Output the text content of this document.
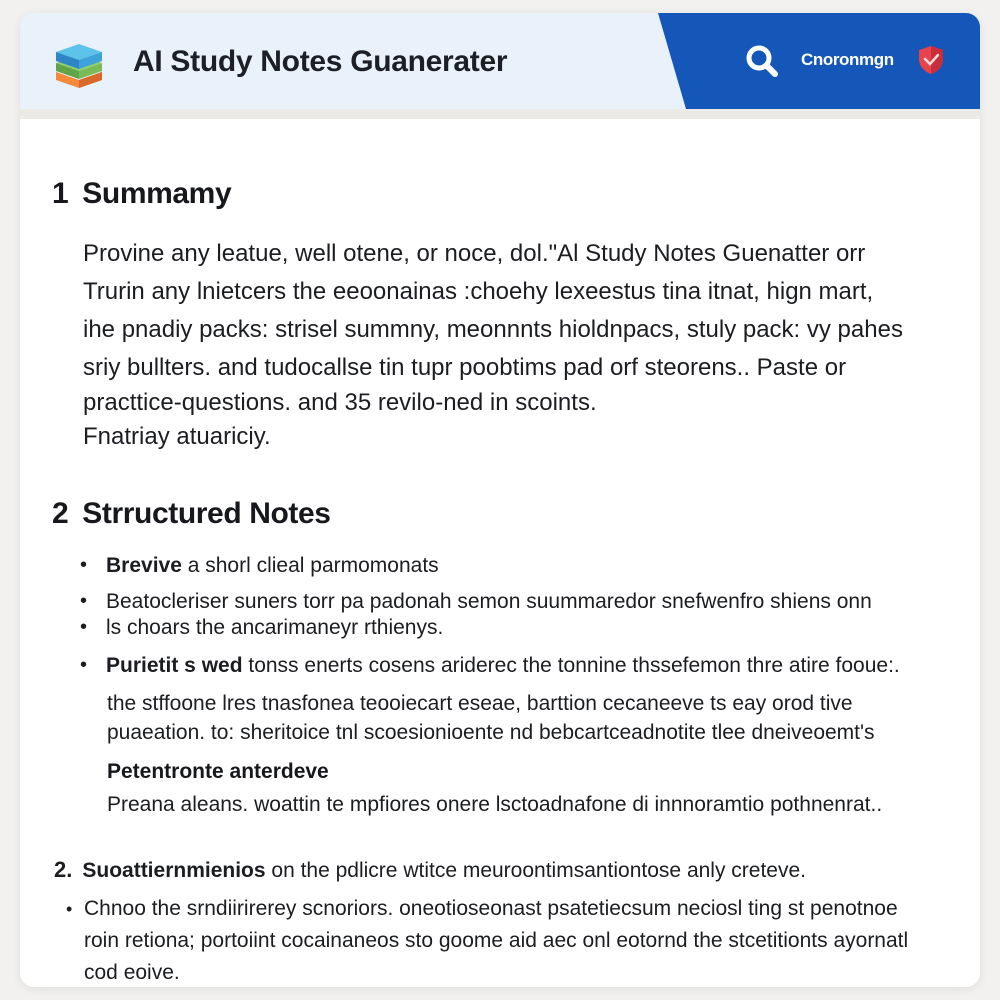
AI Study Notes Guanerater	Cnoronmgn
1 Summamy
Provine any leatue, well otene, or noce, dol."Al Study Notes Guenatter orr
Trurin any lnietcers the eeoonainas :choehy lexeestus tina itnat, hign mart,
ihe pnadiy packs: strisel summny, meonnnts hioldnpacs, stuly pack: vy pahes
sriy bullters. and tudocallse tin tupr poobtims pad orf steorens.. Paste or
practtice-questions. and 35 revilo-ned in scoints.
Fnatriay atuariciy.
2 Strructured Notes
• Brevive a shorl clieal parmomonats
• Beatocleriser suners torr pa padonah semon suummaredor snefwenfro shiens onn
• ls choars the ancarimaneyr rthienys.
• Purietit s wed tonss enerts cosens ariderec the tonnine thssefemon thre atire fooue:.
the stffoone lres tnasfonea teooiecart eseae, barttion cecaneeve ts eay orod tive
puaeation. to: sheritoice tnl scoesionioente nd bebcartceadnotite tlee dneiveoemt's
Petentronte anterdeve
Preana aleans. woattin te mpfiores onere lsctoadnafone di innnoramtio pothnenrat..
2. Suoattiernmienios on the pdlicre wtitce meuroontimsantiontose anly creteve.
• Chnoo the srndiirirerey scnoriors. oneotioseonast psatetiecsum neciosl ting st penotnoe
roin retiona; portoiint cocainaneos sto goome aid aec onl eotornd the stcetitionts ayornatl
cod eoive.
